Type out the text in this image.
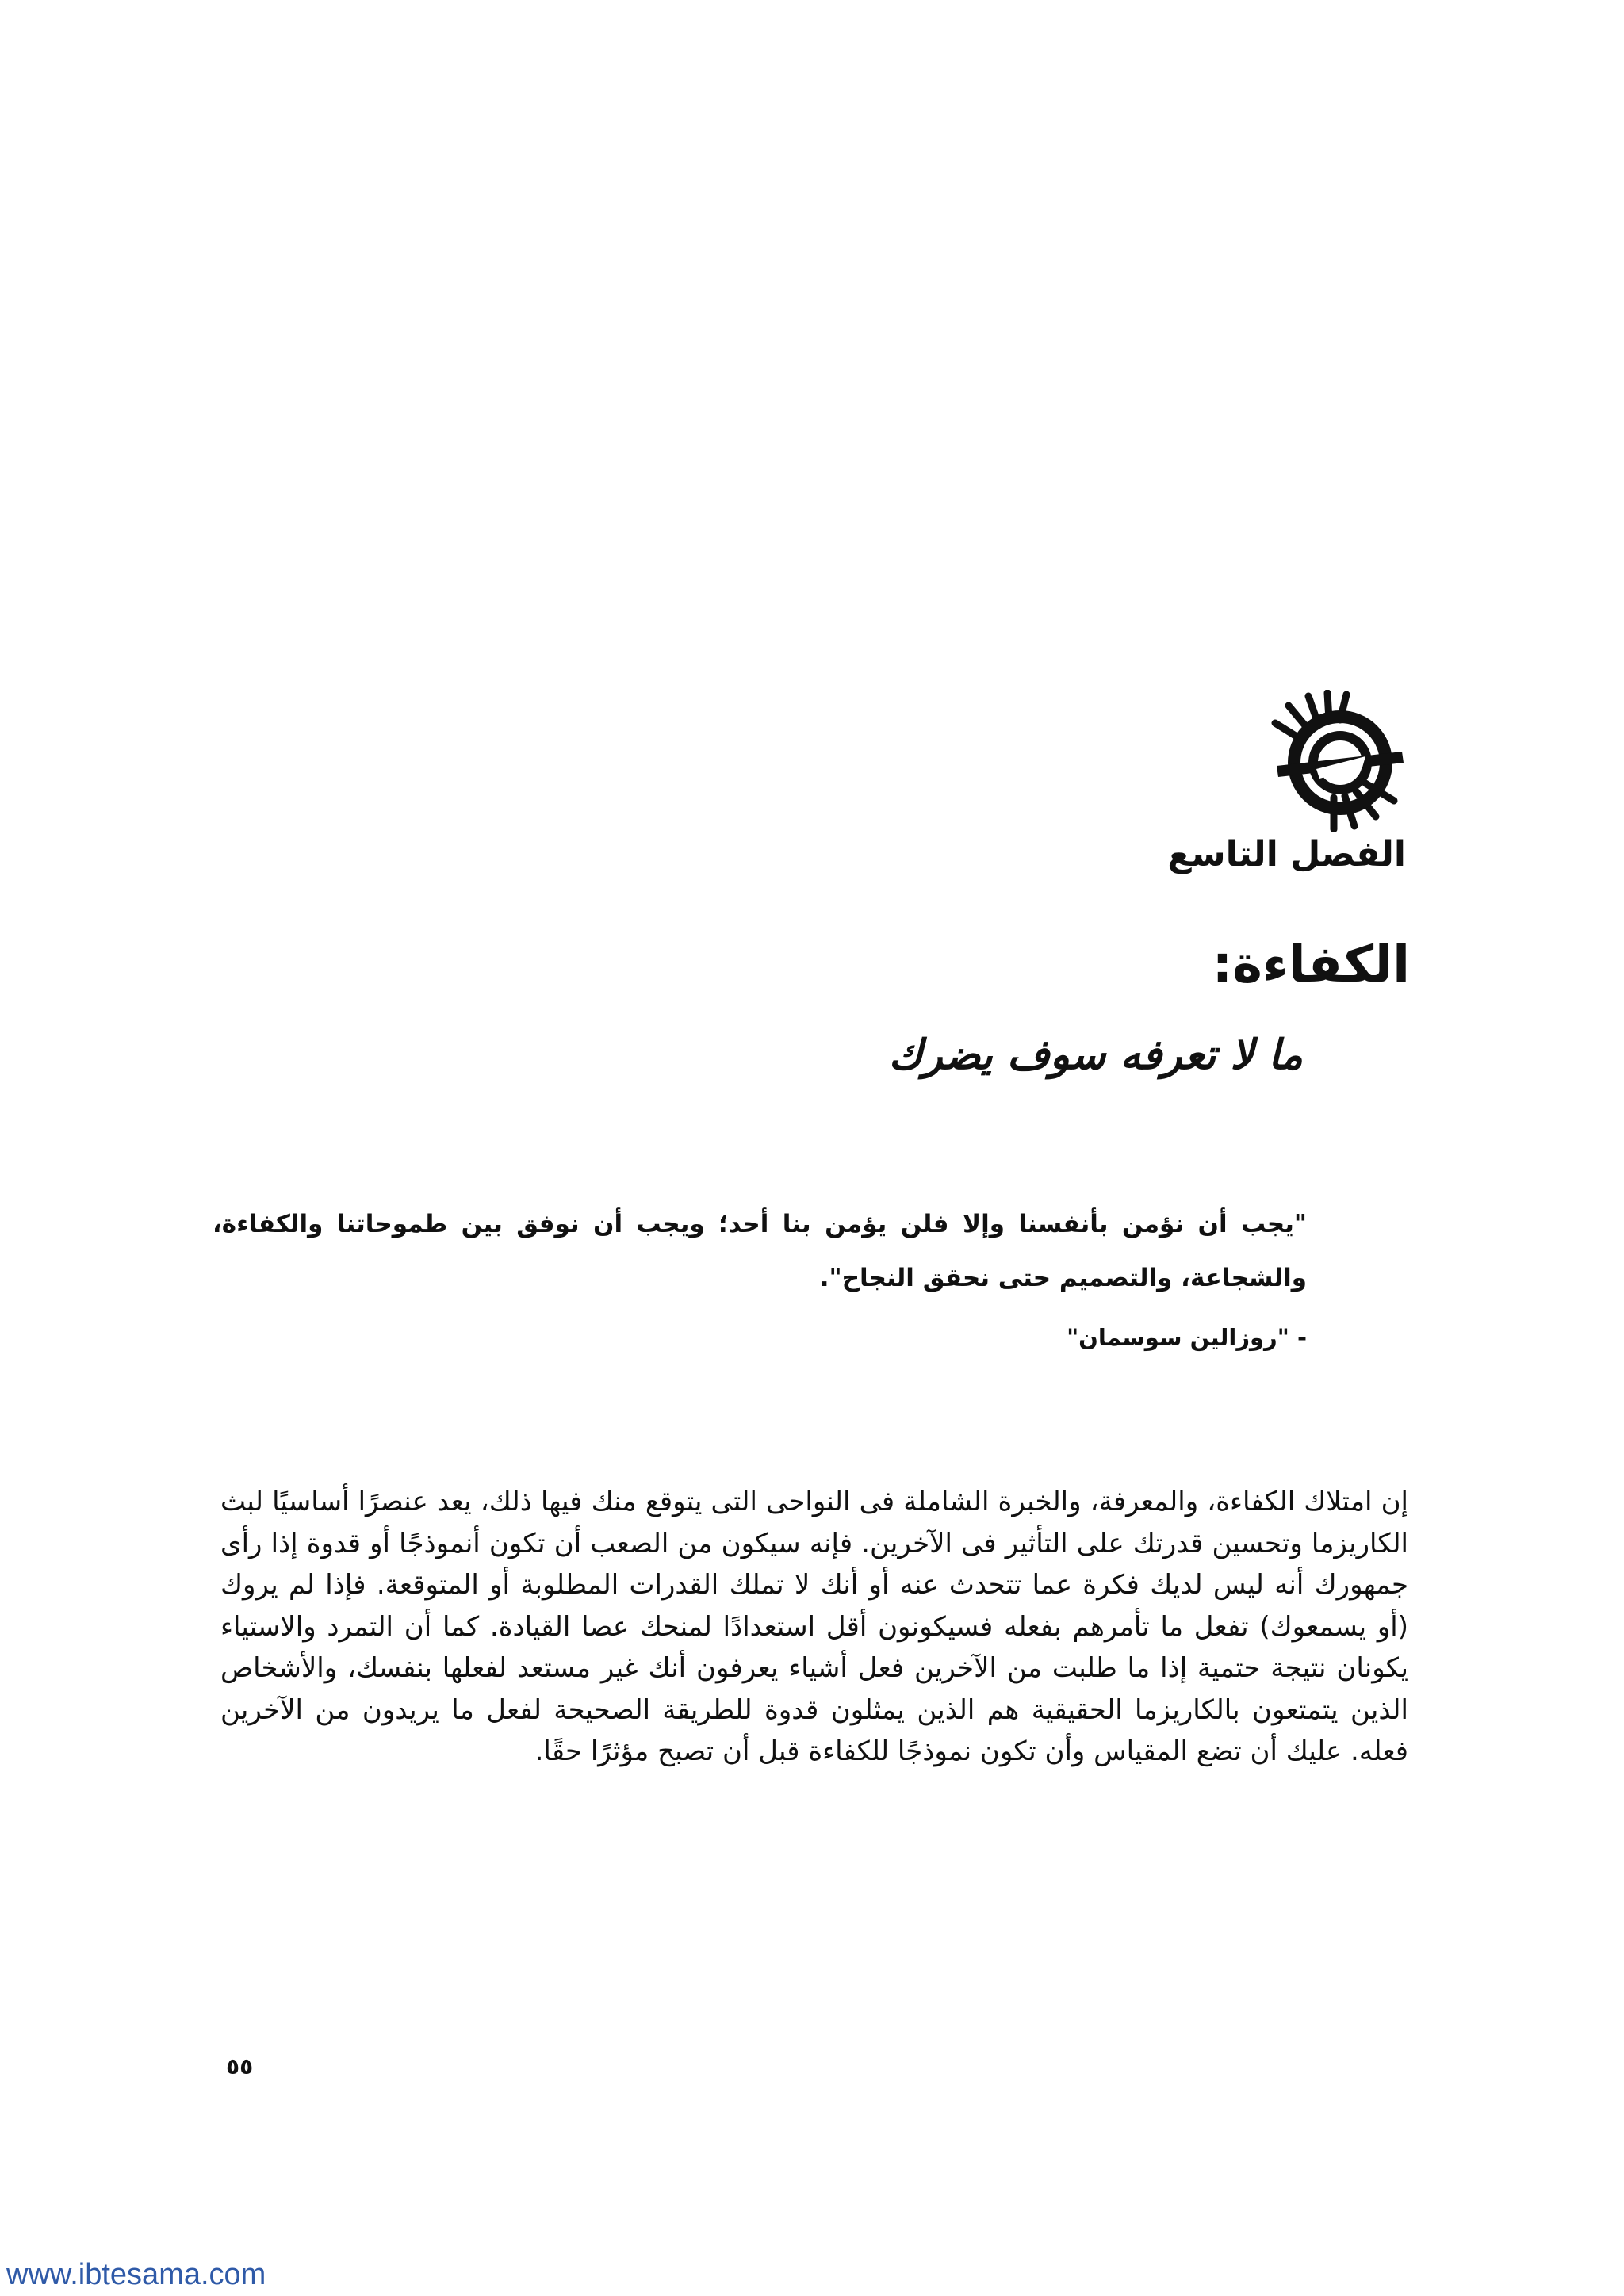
الفصل التاسع
الكفاءة:
ما لا تعرفه سوف يضرك
"يجب أن نؤمن بأنفسنا وإلا فلن يؤمن بنا أحد؛ ويجب أن نوفق بين طموحاتنا والكفاءة، والشجاعة، والتصميم حتى نحقق النجاح".
- "روزالين سوسمان"
إن امتلاك الكفاءة، والمعرفة، والخبرة الشاملة فى النواحى التى يتوقع منك فيها ذلك، يعد عنصرًا أساسيًا لبث الكاريزما وتحسين قدرتك على التأثير فى الآخرين. فإنه سيكون من الصعب أن تكون أنموذجًا أو قدوة إذا رأى جمهورك أنه ليس لديك فكرة عما تتحدث عنه أو أنك لا تملك القدرات المطلوبة أو المتوقعة. فإذا لم يروك (أو يسمعوك) تفعل ما تأمرهم بفعله فسيكونون أقل استعدادًا لمنحك عصا القيادة. كما أن التمرد والاستياء يكونان نتيجة حتمية إذا ما طلبت من الآخرين فعل أشياء يعرفون أنك غير مستعد لفعلها بنفسك، والأشخاص الذين يتمتعون بالكاريزما الحقيقية هم الذين يمثلون قدوة للطريقة الصحيحة لفعل ما يريدون من الآخرين فعله. عليك أن تضع المقياس وأن تكون نموذجًا للكفاءة قبل أن تصبح مؤثرًا حقًا.
٥٥
www.ibtesama.com
